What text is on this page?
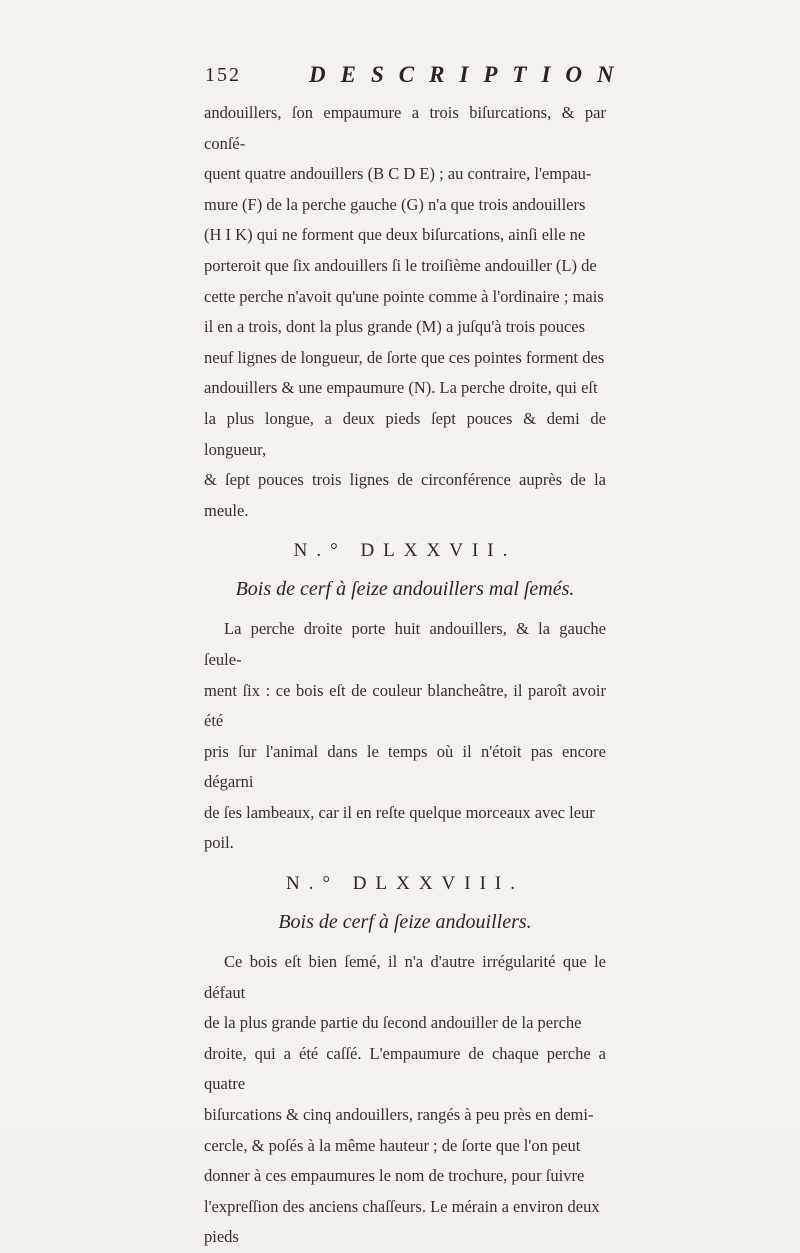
152	DESCRIPTION

andouillers, ſon empaumure a trois biſurcations, & par conſé-

quent quatre andouillers (B C D E) ; au contraire, l'empau-

mure (F) de la perche gauche (G) n'a que trois andouillers

(H I K) qui ne forment que deux biſurcations, ainſi elle ne

porteroit que ſix andouillers ſi le troiſième andouiller (L) de

cette perche n'avoit qu'une pointe comme à l'ordinaire ; mais

il en a trois, dont la plus grande (M) a juſqu'à trois pouces

neuf lignes de longueur, de ſorte que ces pointes forment des

andouillers & une empaumure (N). La perche droite, qui eſt

la plus longue, a deux pieds ſept pouces & demi de longueur,

& ſept pouces trois lignes de circonférence auprès de la meule.

N.° DLXXVII.
Bois de cerf à ſeize andouillers mal ſemés.

La perche droite porte huit andouillers, & la gauche ſeule-

ment ſix : ce bois eſt de couleur blancheâtre, il paroît avoir été

pris ſur l'animal dans le temps où il n'étoit pas encore dégarni

de ſes lambeaux, car il en reſte quelque morceaux avec leur

poil.

N.° DLXXVIII.
Bois de cerf à ſeize andouillers.

Ce bois eſt bien ſemé, il n'a d'autre irrégularité que le défaut

de la plus grande partie du ſecond andouiller de la perche

droite, qui a été caſſé. L'empaumure de chaque perche a quatre

biſurcations & cinq andouillers, rangés à peu près en demi-

cercle, & poſés à la même hauteur ; de ſorte que l'on peut

donner à ces empaumures le nom de trochure, pour ſuivre

l'expreſſion des anciens chaſſeurs. Le mérain a environ deux

pieds
